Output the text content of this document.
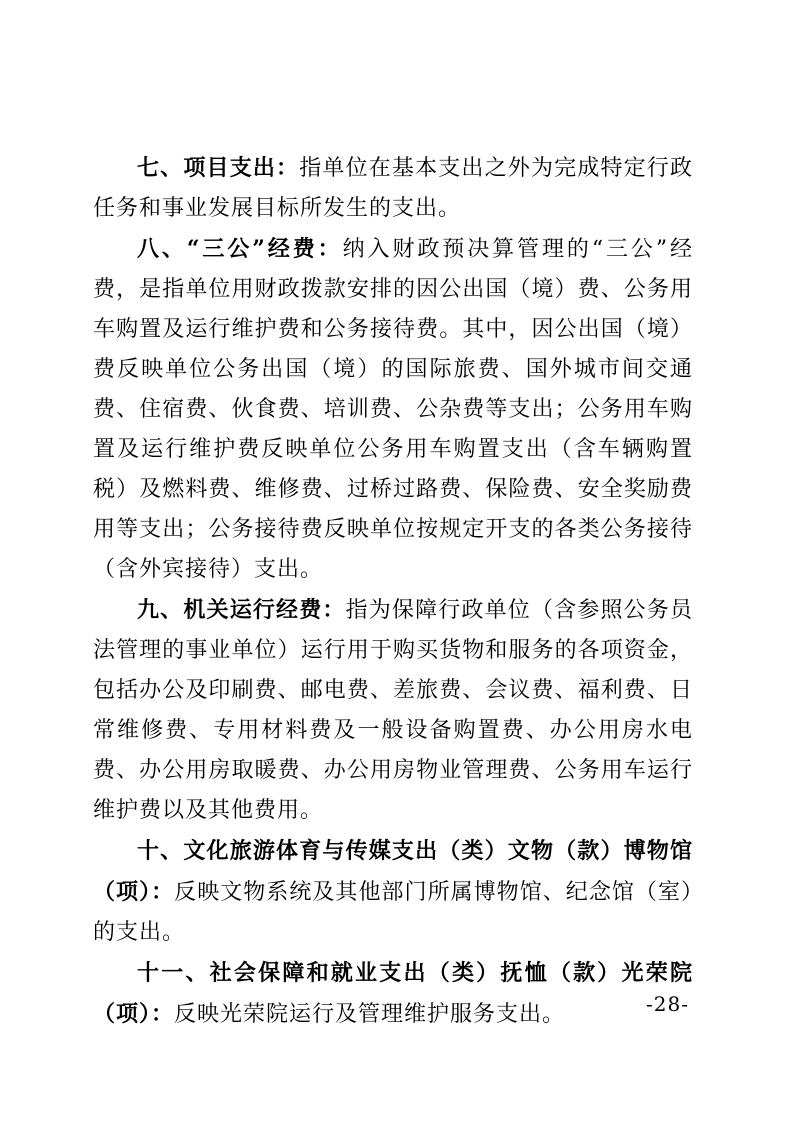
七、项目支出：指单位在基本支出之外为完成特定行政任务和事业发展目标所发生的支出。

八、“三公”经费：纳入财政预决算管理的“三公”经费，是指单位用财政拨款安排的因公出国（境）费、公务用车购置及运行维护费和公务接待费。其中，因公出国（境）费反映单位公务出国（境）的国际旅费、国外城市间交通费、住宿费、伙食费、培训费、公杂费等支出；公务用车购置及运行维护费反映单位公务用车购置支出（含车辆购置税）及燃料费、维修费、过桥过路费、保险费、安全奖励费用等支出；公务接待费反映单位按规定开支的各类公务接待（含外宾接待）支出。

九、机关运行经费：指为保障行政单位（含参照公务员法管理的事业单位）运行用于购买货物和服务的各项资金，包括办公及印刷费、邮电费、差旅费、会议费、福利费、日常维修费、专用材料费及一般设备购置费、办公用房水电费、办公用房取暖费、办公用房物业管理费、公务用车运行维护费以及其他费用。

十、文化旅游体育与传媒支出（类）文物（款）博物馆（项）：反映文物系统及其他部门所属博物馆、纪念馆（室）的支出。

十一、社会保障和就业支出（类）抚恤（款）光荣院（项）：反映光荣院运行及管理维护服务支出。	-28-
